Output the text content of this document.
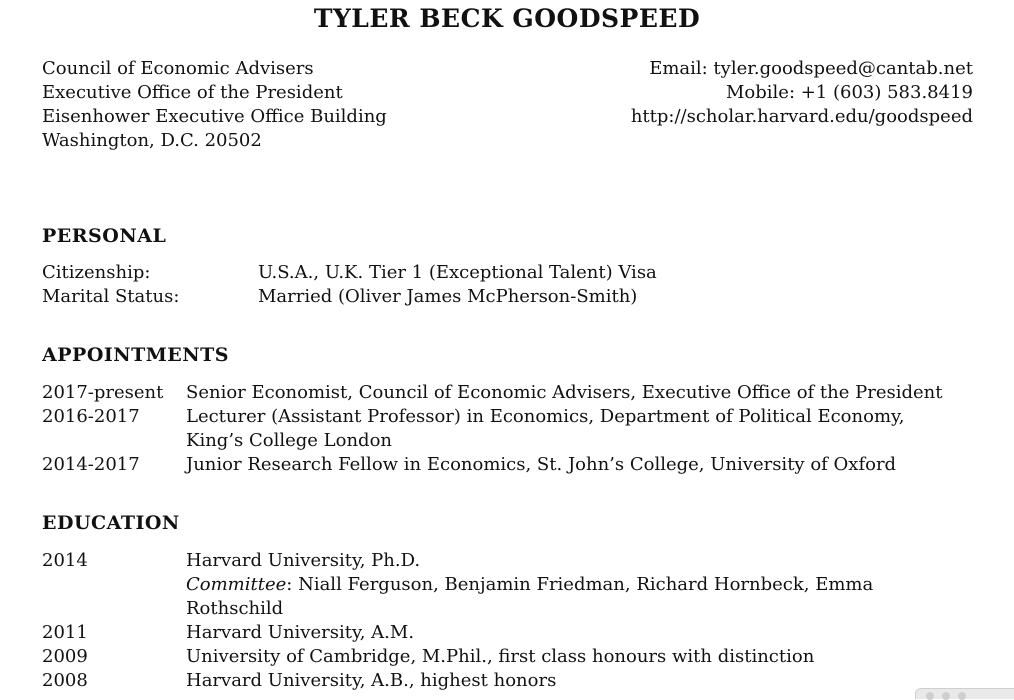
TYLER BECK GOODSPEED
Council of Economic Advisers
Executive Office of the President
Eisenhower Executive Office Building
Washington, D.C. 20502
Email: tyler.goodspeed@cantab.net
Mobile: +1 (603) 583.8419
http://scholar.harvard.edu/goodspeed
PERSONAL
Citizenship:	U.S.A., U.K. Tier 1 (Exceptional Talent) Visa
Marital Status:	Married (Oliver James McPherson-Smith)
APPOINTMENTS
2017-present Senior Economist, Council of Economic Advisers, Executive Office of the President
2016-2017	Lecturer (Assistant Professor) in Economics, Department of Political Economy,
King’s College London
2014-2017	Junior Research Fellow in Economics, St. John’s College, University of Oxford
EDUCATION
2014	Harvard University, Ph.D.
Committee: Niall Ferguson, Benjamin Friedman, Richard Hornbeck, Emma
Rothschild
2011	Harvard University, A.M.
2009	University of Cambridge, M.Phil., first class honours with distinction
2008	Harvard University, A.B., highest honors
